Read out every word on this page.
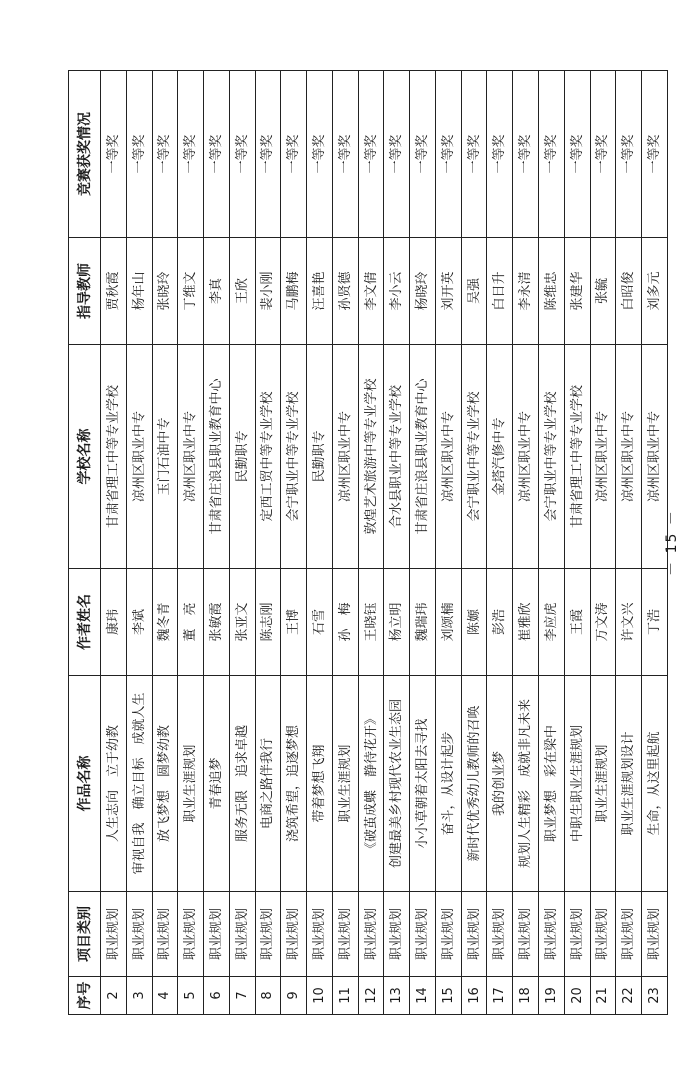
序号	项目类别	作品名称	作者姓名	学校名称	指导教师	竞赛获奖情况
2	职业规划	人生志向　立于幼教	康玮	甘肃省理工中等专业学校	贾秋霞	一等奖
3	职业规划	审视自我　确立目标　成就人生	李斌	凉州区职业中专	杨年山	一等奖
4	职业规划	放飞梦想　圆梦幼教	魏冬青	玉门石油中专	张晓玲	一等奖
5	职业规划	职业生涯规划	董　亮	凉州区职业中专	丁维文	一等奖
6	职业规划	青春追梦	张敏霞	甘肃省庄浪县职业教育中心	李真	一等奖
7	职业规划	服务无限　追求卓越	张亚文	民勤职专	王欣	一等奖
8	职业规划	电商之路伴我行	陈志刚	定西工贸中等专业学校	裴小刚	一等奖
9	职业规划	浇筑希望，追逐梦想	王博	会宁职业中等专业学校	马鹏梅	一等奖
10	职业规划	带着梦想飞翔	石雪	民勤职专	汪喜艳	一等奖
11	职业规划	职业生涯规划	孙　梅	凉州区职业中专	孙贤德	一等奖
12	职业规划	《破茧成蝶　静待花开》	王晓钰	敦煌艺术旅游中等专业学校	李文倩	一等奖
13	职业规划	创建最美乡村现代农业生态园	杨立明	合水县职业中等专业学校	李小云	一等奖
14	职业规划	小小草朝着太阳去寻找	魏瑞玮	甘肃省庄浪县职业教育中心	杨晓玲	一等奖
15	职业规划	奋斗，从设计起步	刘颂楠	凉州区职业中专	刘开英	一等奖
16	职业规划	新时代优秀幼儿教师的召唤	陈嫄	会宁职业中等专业学校	吴强	一等奖
17	职业规划	我的创业梦	彭浩	金塔汽修中专	白日升	一等奖
18	职业规划	规划人生精彩　成就非凡未来	崔雅欣	凉州区职业中专	李永清	一等奖
19	职业规划	职业梦想　彩在梁中	李应虎	会宁职业中等专业学校	陈维忠	一等奖
20	职业规划	中职生职业生涯规划	王霞	甘肃省理工中等专业学校	张建华	一等奖
21	职业规划	职业生涯规划	万文涛	凉州区职业中专	张毓	一等奖
22	职业规划	职业生涯规划设计	许文兴	凉州区职业中专	白昭俊	一等奖
23	职业规划	生命，从这里起航	丁浩	凉州区职业中专	刘多元	一等奖
－ 15 －
